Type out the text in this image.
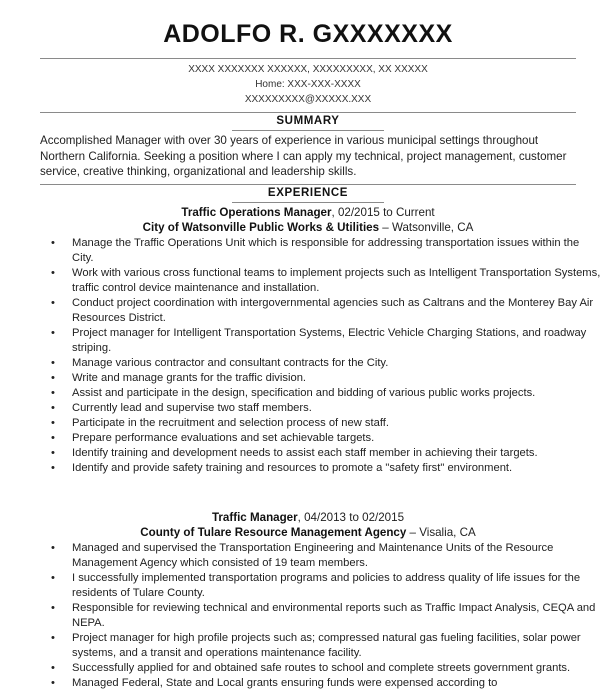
ADOLFO R. GXXXXXXX
XXXX XXXXXXX XXXXXX, XXXXXXXXX, XX XXXXX
Home: XXX-XXX-XXXX
XXXXXXXXX@XXXXX.XXX
SUMMARY
Accomplished Manager with over 30 years of experience in various municipal settings throughout Northern California. Seeking a position where I can apply my technical, project management, customer service, creative thinking, organizational and leadership skills.
EXPERIENCE
Traffic Operations Manager, 02/2015 to Current
City of Watsonville Public Works & Utilities – Watsonville, CA
• Manage the Traffic Operations Unit which is responsible for addressing transportation issues within the City.
• Work with various cross functional teams to implement projects such as Intelligent Transportation Systems, traffic control device maintenance and installation.
• Conduct project coordination with intergovernmental agencies such as Caltrans and the Monterey Bay Air Resources District.
• Project manager for Intelligent Transportation Systems, Electric Vehicle Charging Stations, and roadway striping.
• Manage various contractor and consultant contracts for the City.
• Write and manage grants for the traffic division.
• Assist and participate in the design, specification and bidding of various public works projects.
• Currently lead and supervise two staff members.
• Participate in the recruitment and selection process of new staff.
• Prepare performance evaluations and set achievable targets.
• Identify training and development needs to assist each staff member in achieving their targets.
• Identify and provide safety training and resources to promote a "safety first" environment.
Traffic Manager, 04/2013 to 02/2015
County of Tulare Resource Management Agency – Visalia, CA
• Managed and supervised the Transportation Engineering and Maintenance Units of the Resource Management Agency which consisted of 19 team members.
• I successfully implemented transportation programs and policies to address quality of life issues for the residents of Tulare County.
• Responsible for reviewing technical and environmental reports such as Traffic Impact Analysis, CEQA and NEPA.
• Project manager for high profile projects such as; compressed natural gas fueling facilities, solar power systems, and a transit and operations maintenance facility.
• Successfully applied for and obtained safe routes to school and complete streets government grants.
• Managed Federal, State and Local grants ensuring funds were expensed according to
